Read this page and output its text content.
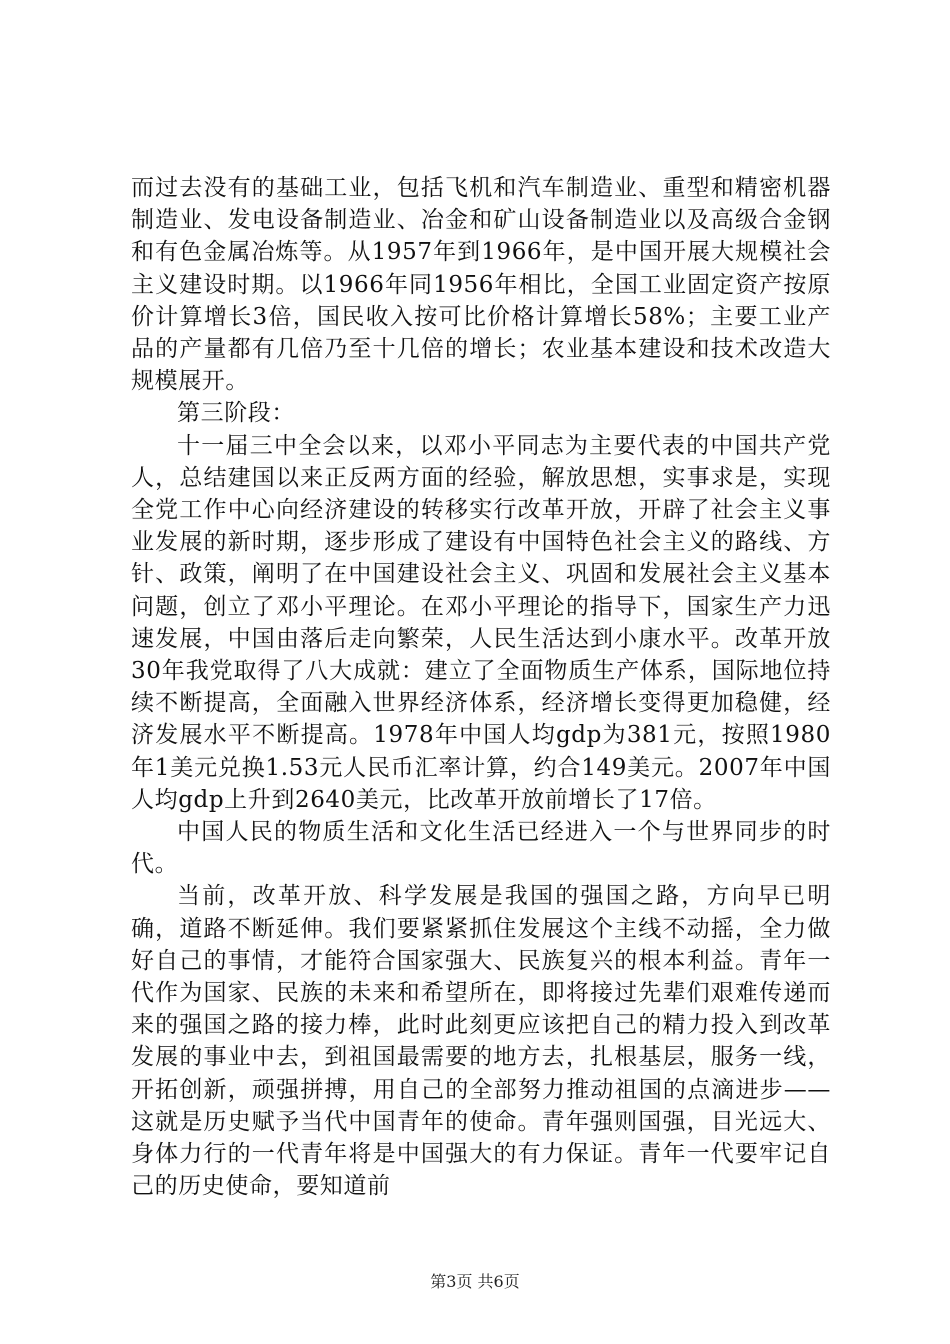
而过去没有的基础工业，包括飞机和汽车制造业、重型和精密机器制造业、发电设备制造业、冶金和矿山设备制造业以及高级合金钢和有色金属冶炼等。从1957年到1966年，是中国开展大规模社会主义建设时期。以1966年同1956年相比，全国工业固定资产按原价计算增长3倍，国民收入按可比价格计算增长58%；主要工业产品的产量都有几倍乃至十几倍的增长；农业基本建设和技术改造大规模展开。

第三阶段：

十一届三中全会以来，以邓小平同志为主要代表的中国共产党人，总结建国以来正反两方面的经验，解放思想，实事求是，实现全党工作中心向经济建设的转移实行改革开放，开辟了社会主义事业发展的新时期，逐步形成了建设有中国特色社会主义的路线、方针、政策，阐明了在中国建设社会主义、巩固和发展社会主义基本问题，创立了邓小平理论。在邓小平理论的指导下，国家生产力迅速发展，中国由落后走向繁荣，人民生活达到小康水平。改革开放30年我党取得了八大成就：建立了全面物质生产体系，国际地位持续不断提高，全面融入世界经济体系，经济增长变得更加稳健，经济发展水平不断提高。1978年中国人均gdp为381元，按照1980年1美元兑换1.53元人民币汇率计算，约合149美元。2007年中国人均gdp上升到2640美元，比改革开放前增长了17倍。

中国人民的物质生活和文化生活已经进入一个与世界同步的时代。

当前，改革开放、科学发展是我国的强国之路，方向早已明确，道路不断延伸。我们要紧紧抓住发展这个主线不动摇，全力做好自己的事情，才能符合国家强大、民族复兴的根本利益。青年一代作为国家、民族的未来和希望所在，即将接过先辈们艰难传递而来的强国之路的接力棒，此时此刻更应该把自己的精力投入到改革发展的事业中去，到祖国最需要的地方去，扎根基层，服务一线，开拓创新，顽强拼搏，用自己的全部努力推动祖国的点滴进步——这就是历史赋予当代中国青年的使命。青年强则国强，目光远大、身体力行的一代青年将是中国强大的有力保证。青年一代要牢记自己的历史使命，要知道前

第3页 共6页
